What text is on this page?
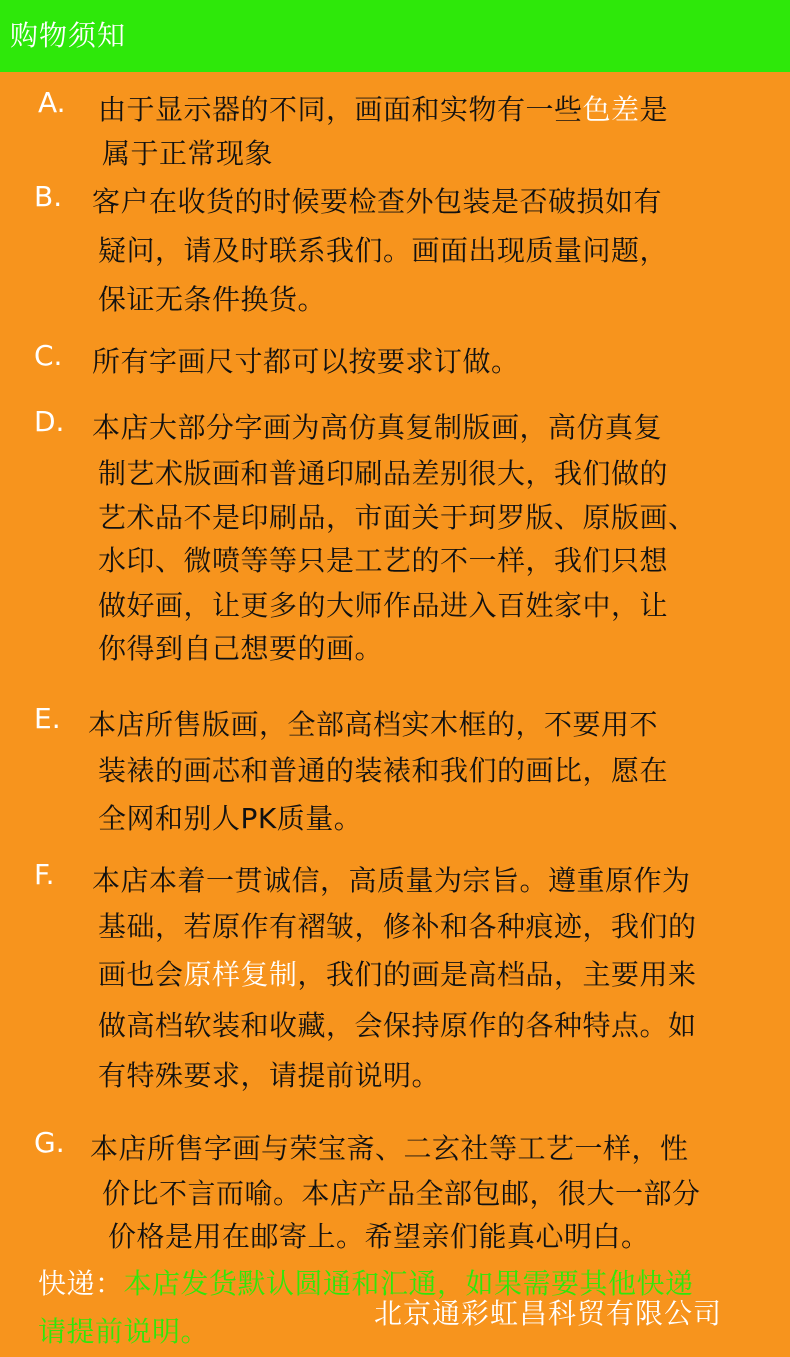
购物须知
A. 由于显示器的不同，画面和实物有一些色差是
属于正常现象
B. 客户在收货的时候要检查外包装是否破损如有
疑问，请及时联系我们。画面出现质量问题，
保证无条件换货。
C. 所有字画尺寸都可以按要求订做。
D. 本店大部分字画为高仿真复制版画，高仿真复
制艺术版画和普通印刷品差别很大，我们做的
艺术品不是印刷品，市面关于珂罗版、原版画、
水印、微喷等等只是工艺的不一样，我们只想
做好画，让更多的大师作品进入百姓家中，让
你得到自己想要的画。
E. 本店所售版画，全部高档实木框的，不要用不
装裱的画芯和普通的装裱和我们的画比，愿在
全网和别人PK质量。
F. 本店本着一贯诚信，高质量为宗旨。遵重原作为
基础，若原作有褶皱，修补和各种痕迹，我们的
画也会原样复制，我们的画是高档品，主要用来
做高档软装和收藏，会保持原作的各种特点。如
有特殊要求，请提前说明。
G. 本店所售字画与荣宝斋、二玄社等工艺一样，性
价比不言而喻。本店产品全部包邮，很大一部分
价格是用在邮寄上。希望亲们能真心明白。
快递：本店发货默认圆通和汇通，如果需要其他快递
请提前说明。
北京通彩虹昌科贸有限公司
